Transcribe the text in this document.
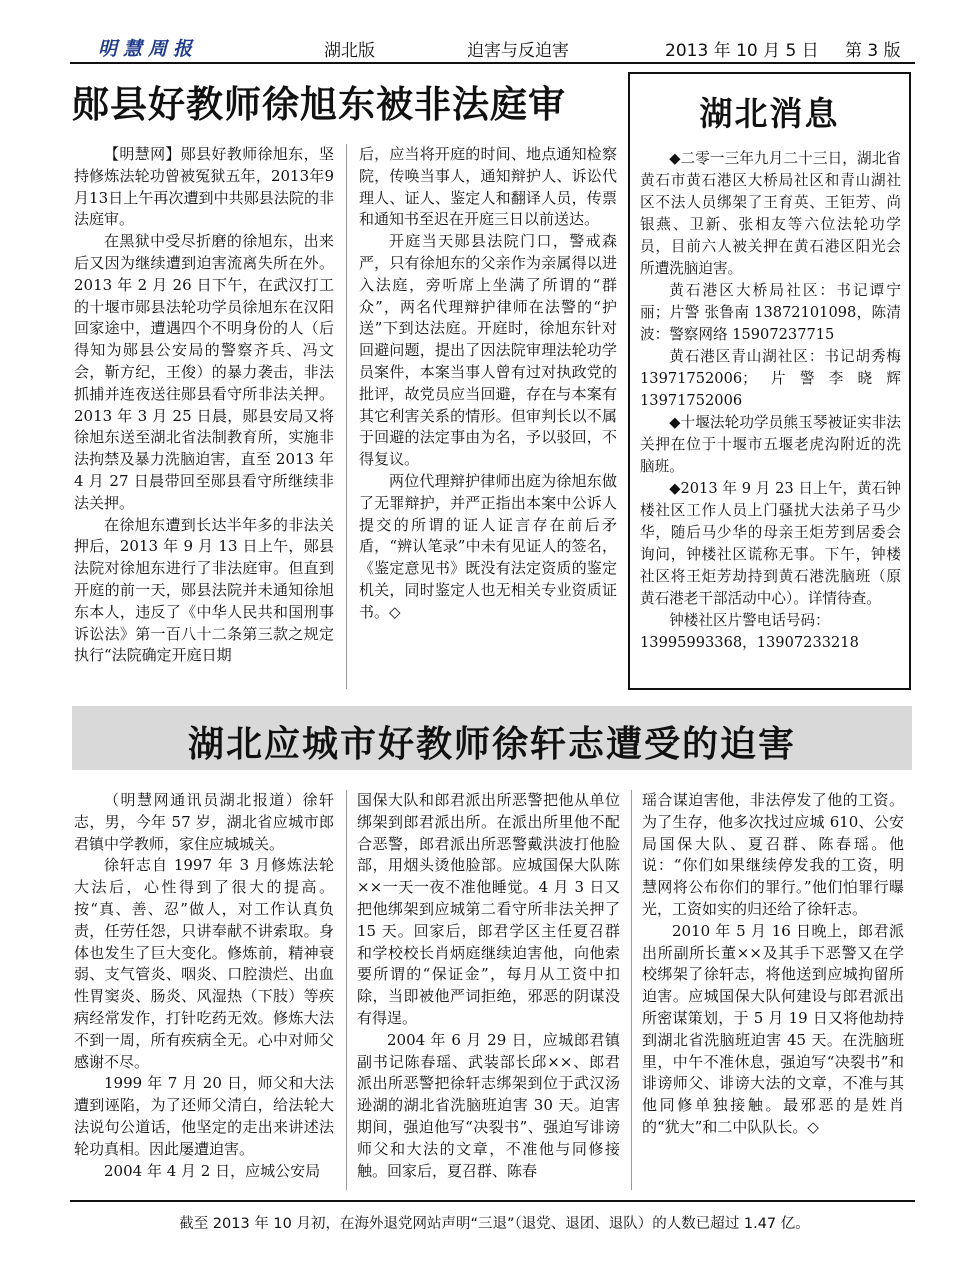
明慧周报	湖北版	迫害与反迫害	2013 年 10 月 5 日 第 3 版
郧县好教师徐旭东被非法庭审

【明慧网】郧县好教师徐旭东，坚持修炼法轮功曾被冤狱五年，2013年9月13日上午再次遭到中共郧县法院的非法庭审。

在黑狱中受尽折磨的徐旭东，出来后又因为继续遭到迫害流离失所在外。2013 年 2 月 26 日下午，在武汉打工的十堰市郧县法轮功学员徐旭东在汉阳回家途中，遭遇四个不明身份的人（后得知为郧县公安局的警察齐兵、冯文会，靳方纪，王俊）的暴力袭击，非法抓捕并连夜送往郧县看守所非法关押。2013 年 3 月 25 日晨，郧县安局又将徐旭东送至湖北省法制教育所，实施非法拘禁及暴力洗脑迫害，直至 2013 年 4 月 27 日晨带回至郧县看守所继续非法关押。

在徐旭东遭到长达半年多的非法关押后，2013 年 9 月 13 日上午，郧县法院对徐旭东进行了非法庭审。但直到开庭的前一天，郧县法院并未通知徐旭东本人，违反了《中华人民共和国刑事诉讼法》第一百八十二条第三款之规定执行“法院确定开庭日期

后，应当将开庭的时间、地点通知检察院，传唤当事人，通知辩护人、诉讼代理人、证人、鉴定人和翻译人员，传票和通知书至迟在开庭三日以前送达。

开庭当天郧县法院门口，警戒森严，只有徐旭东的父亲作为亲属得以进入法庭，旁听席上坐满了所谓的“群众”，两名代理辩护律师在法警的“护送”下到达法庭。开庭时，徐旭东针对回避问题，提出了因法院审理法轮功学员案件，本案当事人曾有过对执政党的批评，故党员应当回避，存在与本案有其它利害关系的情形。但审判长以不属于回避的法定事由为名，予以驳回，不得复议。

两位代理辩护律师出庭为徐旭东做了无罪辩护，并严正指出本案中公诉人提交的所谓的证人证言存在前后矛盾，“辨认笔录”中未有见证人的签名，《鉴定意见书》既没有法定资质的鉴定机关，同时鉴定人也无相关专业资质证书。◇

湖北消息

◆二零一三年九月二十三日，湖北省黄石市黄石港区大桥局社区和青山湖社区不法人员绑架了王育英、王钜芳、尚银燕、卫新、张相友等六位法轮功学员，目前六人被关押在黄石港区阳光会所遭洗脑迫害。

黄石港区大桥局社区：书记谭宁丽；片警 张鲁南 13872101098，陈清波：警察网络 15907237715

黄石港区青山湖社区：书记胡秀梅 13971752006；片警李晓辉 13971752006

◆十堰法轮功学员熊玉琴被证实非法关押在位于十堰市五堰老虎沟附近的洗脑班。

◆2013 年 9 月 23 日上午，黄石钟楼社区工作人员上门骚扰大法弟子马少华，随后马少华的母亲王炬芳到居委会询问，钟楼社区谎称无事。下午，钟楼社区将王炬芳劫持到黄石港洗脑班（原黄石港老干部活动中心）。详情待查。

钟楼社区片警电话号码：

13995993368，13907233218

湖北应城市好教师徐轩志遭受的迫害

（明慧网通讯员湖北报道）徐轩志，男，今年 57 岁，湖北省应城市郎君镇中学教师，家住应城城关。

徐轩志自 1997 年 3 月修炼法轮大法后，心性得到了很大的提高。按“真、善、忍”做人，对工作认真负责，任劳任怨，只讲奉献不讲索取。身体也发生了巨大变化。修炼前，精神衰弱、支气管炎、咽炎、口腔溃烂、出血性胃窦炎、肠炎、风湿热（下肢）等疾病经常发作，打针吃药无效。修炼大法不到一周，所有疾病全无。心中对师父感谢不尽。

1999 年 7 月 20 日，师父和大法遭到诬陷，为了还师父清白，给法轮大法说句公道话，他坚定的走出来讲述法轮功真相。因此屡遭迫害。

2004 年 4 月 2 日，应城公安局

国保大队和郎君派出所恶警把他从单位绑架到郎君派出所。在派出所里他不配合恶警，郎君派出所恶警戴洪波打他脸部，用烟头烫他脸部。应城国保大队陈××一天一夜不准他睡觉。4 月 3 日又把他绑架到应城第二看守所非法关押了 15 天。回家后，郎君学区主任夏召群和学校校长肖炳庭继续迫害他，向他索要所谓的“保证金”，每月从工资中扣除，当即被他严词拒绝，邪恶的阴谋没有得逞。

2004 年 6 月 29 日，应城郎君镇副书记陈春瑶、武装部长邱××、郎君派出所恶警把徐轩志绑架到位于武汉汤逊湖的湖北省洗脑班迫害 30 天。迫害期间，强迫他写“决裂书”、强迫写诽谤师父和大法的文章，不准他与同修接触。回家后，夏召群、陈春

瑶合谋迫害他，非法停发了他的工资。为了生存，他多次找过应城 610、公安局国保大队、夏召群、陈春瑶。他说：“你们如果继续停发我的工资，明慧网将公布你们的罪行。”他们怕罪行曝光，工资如实的归还给了徐轩志。

2010 年 5 月 16 日晚上，郎君派出所副所长董××及其手下恶警又在学校绑架了徐轩志，将他送到应城拘留所迫害。应城国保大队何建设与郎君派出所密谋策划，于 5 月 19 日又将他劫持到湖北省洗脑班迫害 45 天。在洗脑班里，中午不准休息，强迫写“决裂书”和诽谤师父、诽谤大法的文章，不准与其他同修单独接触。最邪恶的是姓肖的“犹大”和二中队队长。◇

截至 2013 年 10 月初，在海外退党网站声明“三退”（退党、退团、退队）的人数已超过 1.47 亿。
